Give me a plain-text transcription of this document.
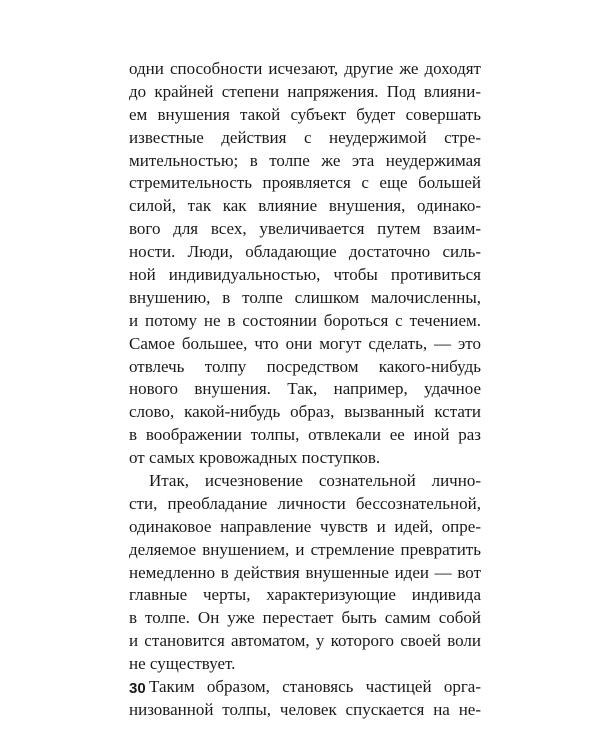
одни способности исчезают, другие же доходят
до крайней степени напряжения. Под влияни-
ем внушения такой субъект будет совершать
известные действия с неудержимой стре-
мительностью; в толпе же эта неудержимая
стремительность проявляется с еще большей
силой, так как влияние внушения, одинако-
вого для всех, увеличивается путем взаим-
ности. Люди, обладающие достаточно силь-
ной индивидуальностью, чтобы противиться
внушению, в толпе слишком малочисленны,
и потому не в состоянии бороться с течением.
Самое большее, что они могут сделать, — это
отвлечь толпу посредством какого-нибудь
нового внушения. Так, например, удачное
слово, какой-нибудь образ, вызванный кстати
в воображении толпы, отвлекали ее иной раз
от самых кровожадных поступков.
Итак, исчезновение сознательной лично-
сти, преобладание личности бессознательной,
одинаковое направление чувств и идей, опре-
деляемое внушением, и стремление превратить
немедленно в действия внушенные идеи — вот
главные черты, характеризующие индивида
в толпе. Он уже перестает быть самим собой
и становится автоматом, у которого своей воли
не существует.
Таким образом, становясь частицей орга-
низованной толпы, человек спускается на не-
30
